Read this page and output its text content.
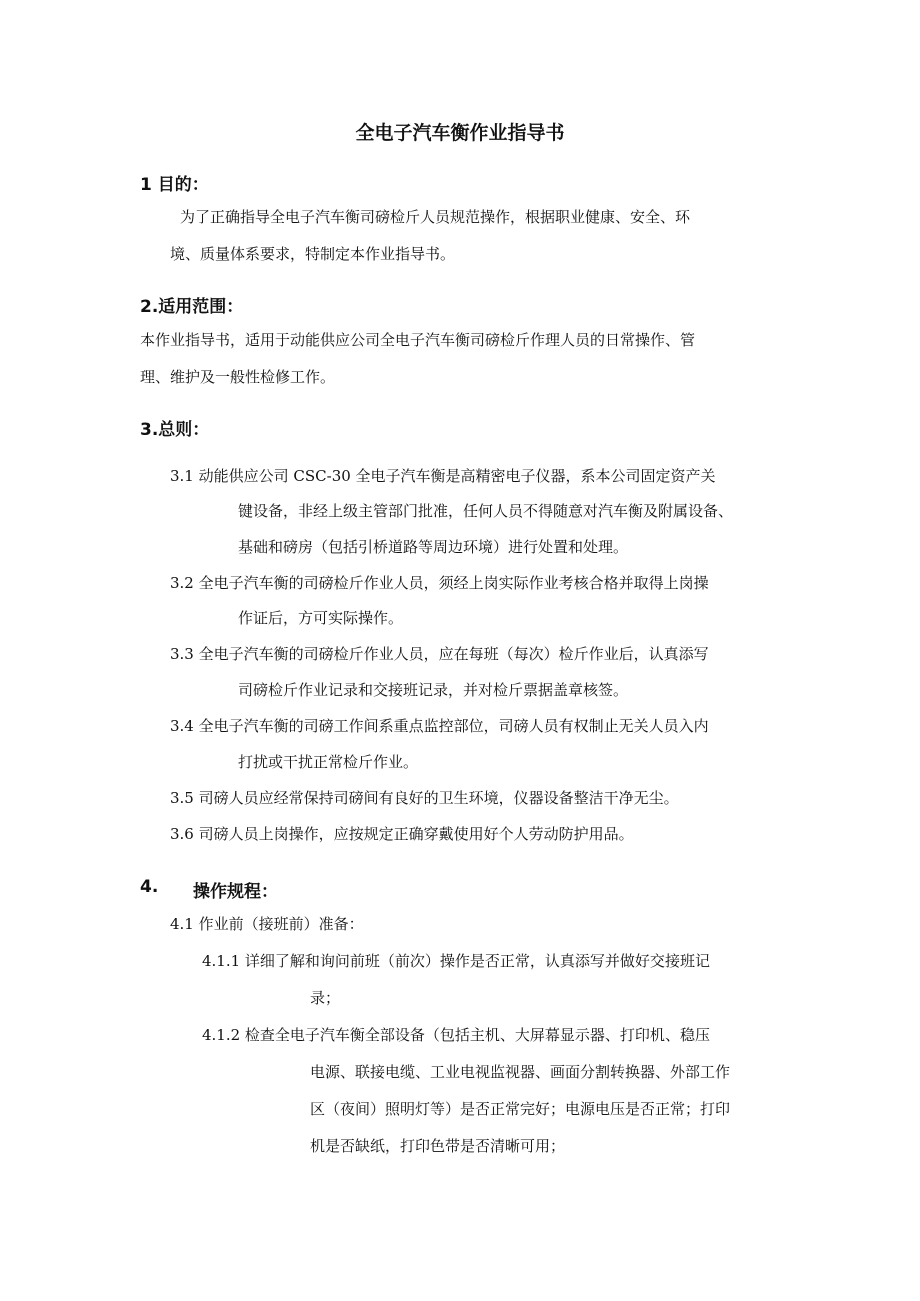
全电子汽车衡作业指导书
1 目的：
为了正确指导全电子汽车衡司磅检斤人员规范操作，根据职业健康、安全、环
境、质量体系要求，特制定本作业指导书。
2.适用范围：
本作业指导书，适用于动能供应公司全电子汽车衡司磅检斤作理人员的日常操作、管
理、维护及一般性检修工作。
3.总则：
3.1 动能供应公司 CSC-30 全电子汽车衡是高精密电子仪器，系本公司固定资产关
键设备，非经上级主管部门批准，任何人员不得随意对汽车衡及附属设备、
基础和磅房（包括引桥道路等周边环境）进行处置和处理。
3.2 全电子汽车衡的司磅检斤作业人员，须经上岗实际作业考核合格并取得上岗操
作证后，方可实际操作。
3.3 全电子汽车衡的司磅检斤作业人员，应在每班（每次）检斤作业后，认真添写
司磅检斤作业记录和交接班记录，并对检斤票据盖章核签。
3.4 全电子汽车衡的司磅工作间系重点监控部位，司磅人员有权制止无关人员入内
打扰或干扰正常检斤作业。
3.5 司磅人员应经常保持司磅间有良好的卫生环境，仪器设备整洁干净无尘。
3.6 司磅人员上岗操作，应按规定正确穿戴使用好个人劳动防护用品。
4. 操作规程：
4.1 作业前（接班前）准备：
4.1.1 详细了解和询问前班（前次）操作是否正常，认真添写并做好交接班记
录；
4.1.2 检查全电子汽车衡全部设备（包括主机、大屏幕显示器、打印机、稳压
电源、联接电缆、工业电视监视器、画面分割转换器、外部工作
区（夜间）照明灯等）是否正常完好；电源电压是否正常；打印
机是否缺纸，打印色带是否清晰可用；
